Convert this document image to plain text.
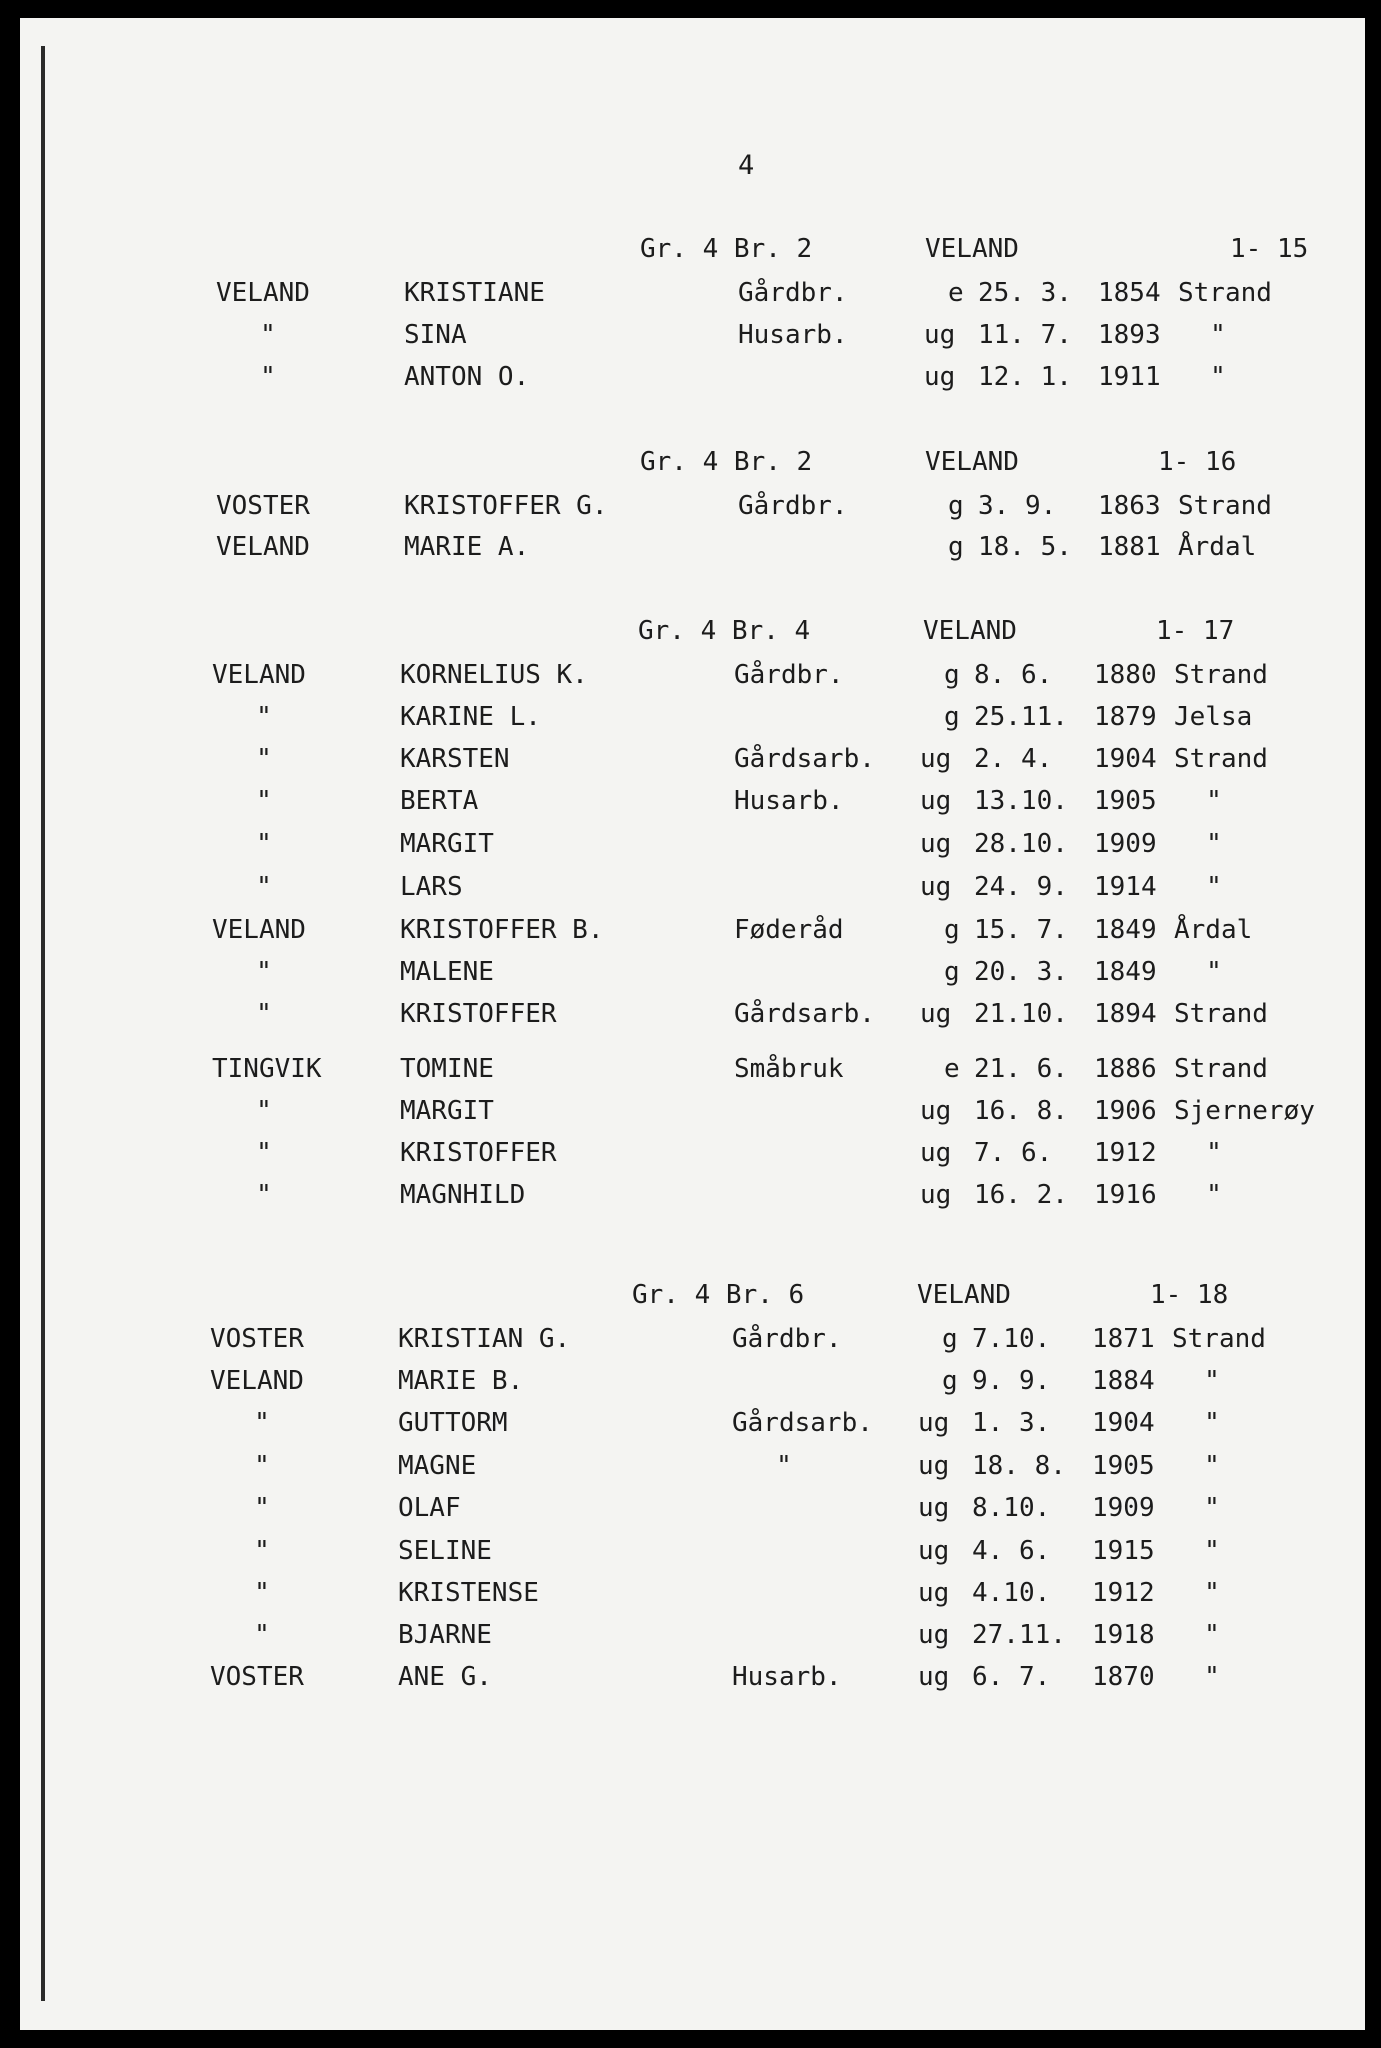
4
Gr. 4 Br. 2	VELAND	1- 15
VELAND	KRISTIANE	Gårdbr.	e 25. 3. 1854 Strand
"	SINA	Husarb.	ug 11. 7. 1893 "
"	ANTON O.	ug 12. 1. 1911 "
Gr. 4 Br. 2	VELAND	1- 16
VOSTER	KRISTOFFER G.	Gårdbr.	g 3. 9. 1863 Strand
VELAND	MARIE A.	g 18. 5. 1881 Årdal
Gr. 4 Br. 4	VELAND	1- 17
VELAND	KORNELIUS K.	Gårdbr.	g 8. 6. 1880 Strand
"	KARINE L.	g 25.11. 1879 Jelsa
"	KARSTEN	Gårdsarb. ug 2. 4. 1904 Strand
"	BERTA	Husarb.	ug 13.10. 1905 "
"	MARGIT	ug 28.10. 1909 "
"	LARS	ug 24. 9. 1914 "
VELAND	KRISTOFFER B.	Føderåd	g 15. 7. 1849 Årdal
"	MALENE	g 20. 3. 1849 "
"	KRISTOFFER	Gårdsarb. ug 21.10. 1894 Strand
TINGVIK	TOMINE	Småbruk	e 21. 6. 1886 Strand
"	MARGIT	ug 16. 8. 1906 Sjernerøy
"	KRISTOFFER	ug 7. 6. 1912 "
"	MAGNHILD	ug 16. 2. 1916 "
Gr. 4 Br. 6	VELAND	1- 18
VOSTER	KRISTIAN G.	Gårdbr.	g 7.10. 1871 Strand
VELAND	MARIE B.	g 9. 9. 1884 "
"	GUTTORM	Gårdsarb. ug 1. 3. 1904 "
"	MAGNE	"	ug 18. 8. 1905 "
"	OLAF	ug 8.10. 1909 "
"	SELINE	ug 4. 6. 1915 "
"	KRISTENSE	ug 4.10. 1912 "
"	BJARNE	ug 27.11. 1918 "
VOSTER	ANE G.	Husarb.	ug 6. 7. 1870 "
